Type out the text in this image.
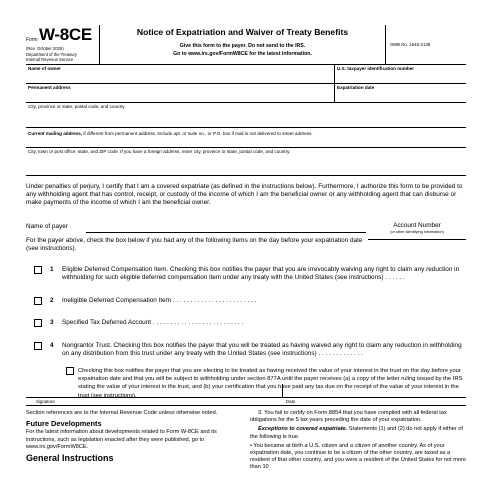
Form W-8CE
(Rev. October 2025)
Department of the Treasury
Internal Revenue Service
Notice of Expatriation and Waiver of Treaty Benefits
Give this form to the payer. Do not send to the IRS.
Go to www.irs.gov/FormW8CE for the latest information.
OMB No. 1545-2138
Name of owner	U.S. taxpayer identification number
Permanent address	Expatriation date
City, province or state, postal code, and country
Current mailing address, if different from permanent address. Include apt. or suite no., or P.O. box if mail is not delivered to street address.
City, town or post office, state, and ZIP code. If you have a foreign address, enter city, province or state, postal code, and country.
Under penalties of perjury, I certify that I am a covered expatriate (as defined in the instructions below). Furthermore, I authorize this form to be provided to any withholding agent that has control, receipt, or custody of the income of which I am the beneficial owner or any withholding agent that can disburse or make payments of the income of which I am the beneficial owner.
Name of payer	Account Number
(or other identifying information)
For the payer above, check the box below if you had any of the following items on the day before your expatriation date (see instructions).
1 Eligible Deferred Compensation Item. Checking this box notifies the payer that you are irrevocably waiving any right to claim any reduction in withholding for such eligible deferred compensation item under any treaty with the United States (see instructions) . . . . . .
2 Ineligible Deferred Compensation Item . . . . . . . . . . . . . . . . . . . . . . . .
3 Specified Tax Deferred Account . . . . . . . . . . . . . . . . . . . . . . . . . .
4 Nongrantor Trust. Checking this box notifies the payer that you will be treated as having waived any right to claim any reduction in withholding on any distribution from this trust under any treaty with the United States (see instructions) . . . . . . . . . . . . .
Checking this box notifies the payer that you are electing to be treated as having received the value of your interest in the trust on the day before your expatriation date and that you will be subject to withholding under section 877A until the payer receives (a) a copy of the letter ruling issued by the IRS stating the value of your interest in the trust, and (b) your certification that you have paid any tax due on the receipt of the value of your interest in the trust (see instructions).
Signature	Date
Section references are to the Internal Revenue Code unless otherwise noted.
Future Developments
For the latest information about developments related to Form W-8CE and its instructions, such as legislation enacted after they were published, go to www.irs.gov/FormW8CE.
General Instructions
3. You fail to certify on Form 8854 that you have complied with all federal tax obligations for the 5 tax years preceding the date of your expatriation.
Exceptions to covered expatriate. Statements (1) and (2) do not apply if either of the following is true.
• You became at birth a U.S. citizen and a citizen of another country. As of your expatriation date, you continue to be a citizen of the other country, are taxed as a resident of that other country, and you were a resident of the United States for not more than 10
